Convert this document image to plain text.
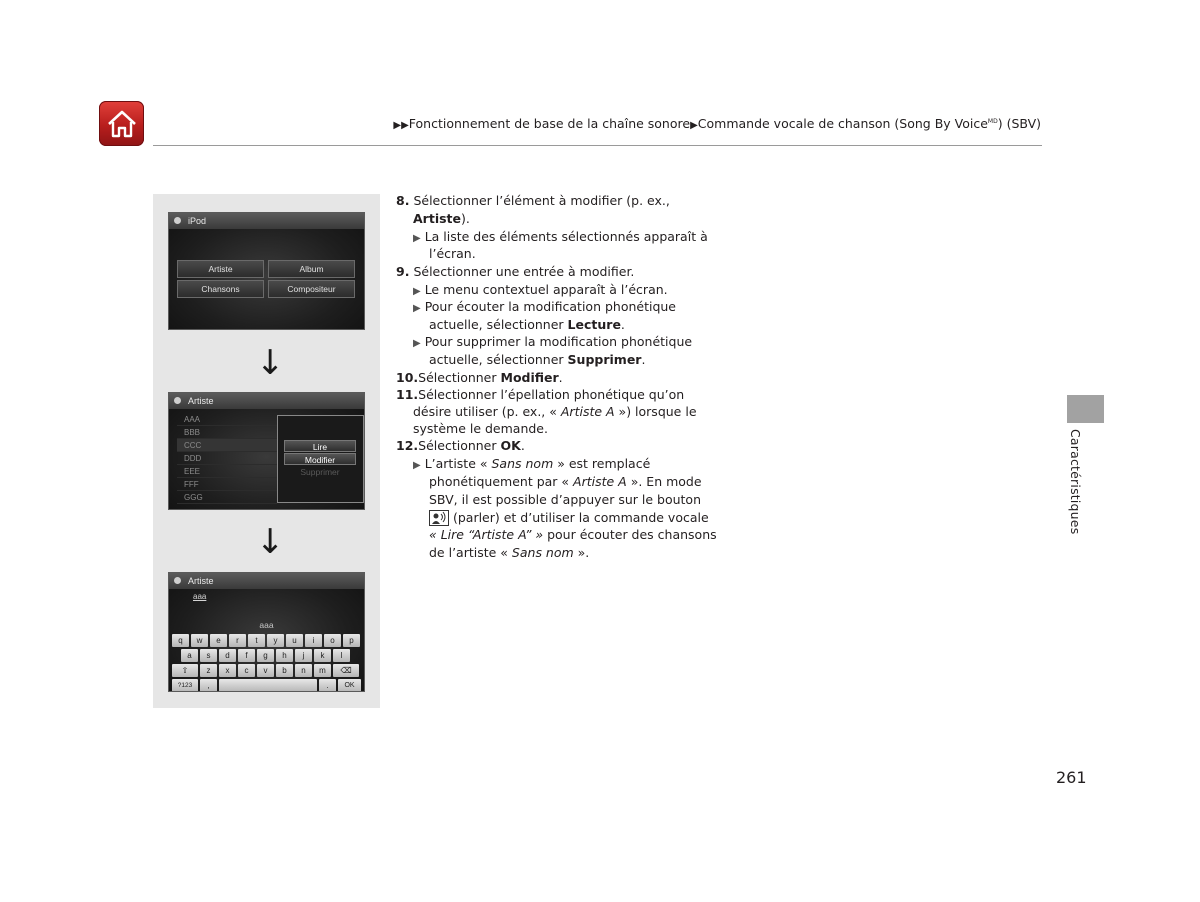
▶▶Fonctionnement de base de la chaîne sonore▶Commande vocale de chanson (Song By Voice$^{MD}$) (SBV)
iPod
Artiste	Album
Chansons	Compositeur
↓
Artiste
AAA
BBB
CCC
DDD
EEE
FFF
GGG
Lire
Modifier
Supprimer
↓
Artiste
aaa
aaa
q	w	e	r	t	y	u	i	o	p
a	s	d	f	g	h	j	k	l
⇧	z	x	c	v	b	n	m	⌫
?123	,	.	OK
8. Sélectionner l’élément à modifier (p. ex.,
Artiste).
▶ La liste des éléments sélectionnés apparaît à
l’écran.
9. Sélectionner une entrée à modifier.
▶ Le menu contextuel apparaît à l’écran.
▶ Pour écouter la modification phonétique
actuelle, sélectionner Lecture.
▶ Pour supprimer la modification phonétique
actuelle, sélectionner Supprimer.
10.Sélectionner Modifier.
11.Sélectionner l’épellation phonétique qu’on
désire utiliser (p. ex., « Artiste A ») lorsque le
système le demande.
12.Sélectionner OK.
▶ L’artiste « Sans nom » est remplacé
phonétiquement par « Artiste A ». En mode
SBV, il est possible d’appuyer sur le bouton
(parler) et d’utiliser la commande vocale
« Lire “Artiste A” » pour écouter des chansons
de l’artiste « Sans nom ».
Caractéristiques
261
